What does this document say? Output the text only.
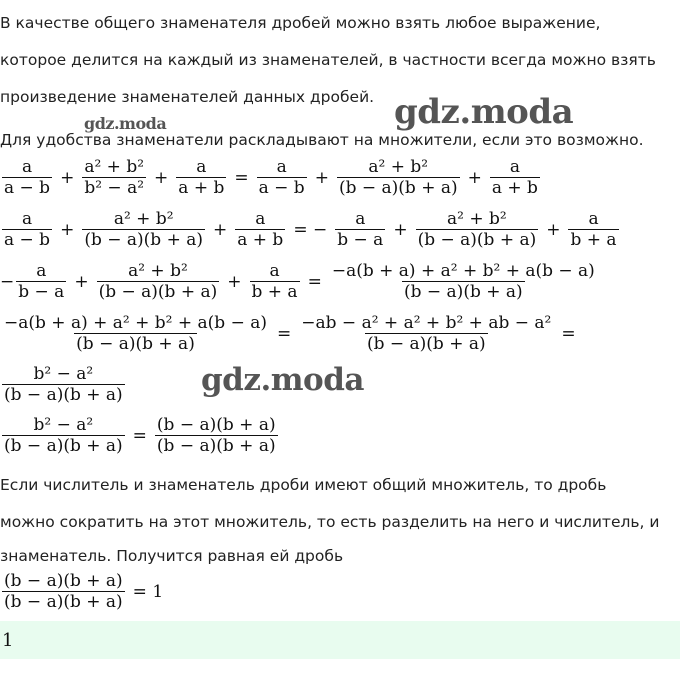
В качестве общего знаменателя дробей можно взять любое выражение,
которое делится на каждый из знаменателей, в частности всегда можно взять
произведение знаменателей данных дробей.
Для удобства знаменатели раскладывают на множители, если это возможно.
$\frac{a}{a - b} + \frac{\text{a² + b²}}{\text{b² − a²}} + \frac{a}{a + b} = \frac{a}{a - b} + \frac{\text{a² + b²}}{(b - a)(b + a)} + \frac{a}{a + b}$
$\frac{a}{a - b} + \frac{\text{a² + b²}}{(b - a)(b + a)} + \frac{a}{a + b}$ = − $\frac{a}{b - a} + \frac{\text{a² + b²}}{(b - a)(b + a)} + \frac{a}{b + a}$
− $\frac{a}{b - a} + \frac{\text{a² + b²}}{(b - a)(b + a)} + \frac{a}{b + a} = \frac{\text{−a(b + a) + a² + b² + a(b − a)}}{(b - a)(b + a)}$
$\frac{\text{−a(b + a) + a² + b² + a(b − a)}}{(b - a)(b + a)} = \frac{\text{−ab − a² + a² + b² + ab − a²}}{(b - a)(b + a)}$ =
$\frac{\text{b² − a²}}{(b - a)(b + a)}$
$\frac{\text{b² − a²}}{(b - a)(b + a)} = \frac{(b - a)(b + a)}{(b - a)(b + a)}$
Если числитель и знаменатель дроби имеют общий множитель, то дробь
можно сократить на этот множитель, то есть разделить на него и числитель, и
знаменатель. Получится равная ей дробь
$\frac{(b - a)(b + a)}{(b - a)(b + a)} = 1$
1
gdz.moda
gdz.moda
gdz.moda
